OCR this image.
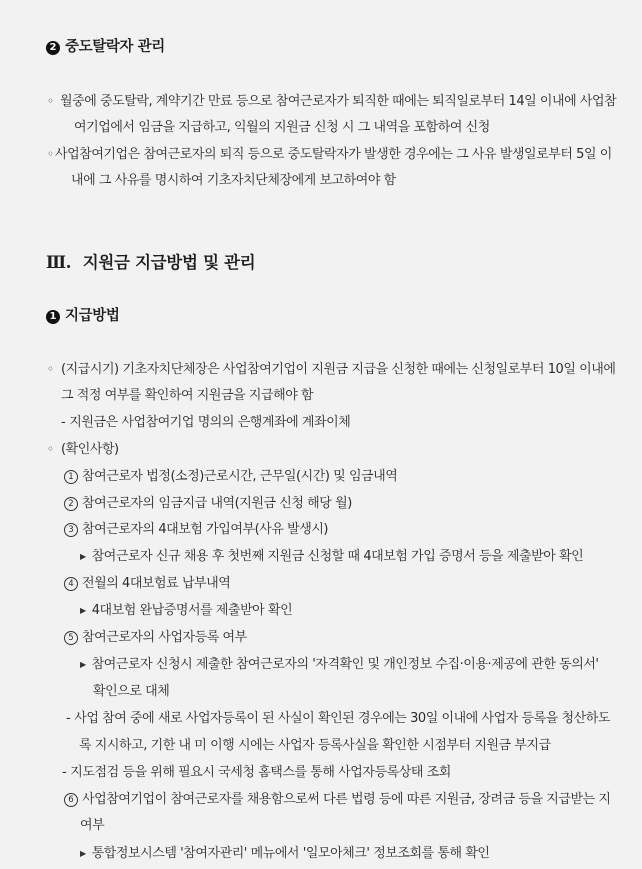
2 중도탈락자 관리
◦ 월중에 중도탈락, 계약기간 만료 등으로 참여근로자가 퇴직한 때에는 퇴직일로부터 14일 이내에 사업참
여기업에서 임금을 지급하고, 익월의 지원금 신청 시 그 내역을 포함하여 신청
◦ 사업참여기업은 참여근로자의 퇴직 등으로 중도탈락자가 발생한 경우에는 그 사유 발생일로부터 5일 이
내에 그 사유를 명시하여 기초자치단체장에게 보고하여야 함
Ⅲ. 지원금 지급방법 및 관리
1 지급방법
◦ (지급시기) 기초자치단체장은 사업참여기업이 지원금 지급을 신청한 때에는 신청일로부터 10일 이내에
그 적정 여부를 확인하여 지원금을 지급해야 함
- 지원금은 사업참여기업 명의의 은행계좌에 계좌이체
◦ (확인사항)
1 참여근로자 법정(소정)근로시간, 근무일(시간) 및 임금내역
2 참여근로자의 임금지급 내역(지원금 신청 해당 월)
3 참여근로자의 4대보험 가입여부(사유 발생시)
▶ 참여근로자 신규 채용 후 첫번째 지원금 신청할 때 4대보험 가입 증명서 등을 제출받아 확인
4 전월의 4대보험료 납부내역
▶ 4대보험 완납증명서를 제출받아 확인
5 참여근로자의 사업자등록 여부
▶ 참여근로자 신청시 제출한 참여근로자의 '자격확인 및 개인정보 수집·이용·제공에 관한 동의서'
확인으로 대체
- 사업 참여 중에 새로 사업자등록이 된 사실이 확인된 경우에는 30일 이내에 사업자 등록을 청산하도
록 지시하고, 기한 내 미 이행 시에는 사업자 등록사실을 확인한 시점부터 지원금 부지급
- 지도점검 등을 위해 필요시 국세청 홈택스를 통해 사업자등록상태 조회
6 사업참여기업이 참여근로자를 채용함으로써 다른 법령 등에 따른 지원금, 장려금 등을 지급받는 지
여부
▶ 통합정보시스템 '참여자관리' 메뉴에서 '일모아체크' 정보조회를 통해 확인
